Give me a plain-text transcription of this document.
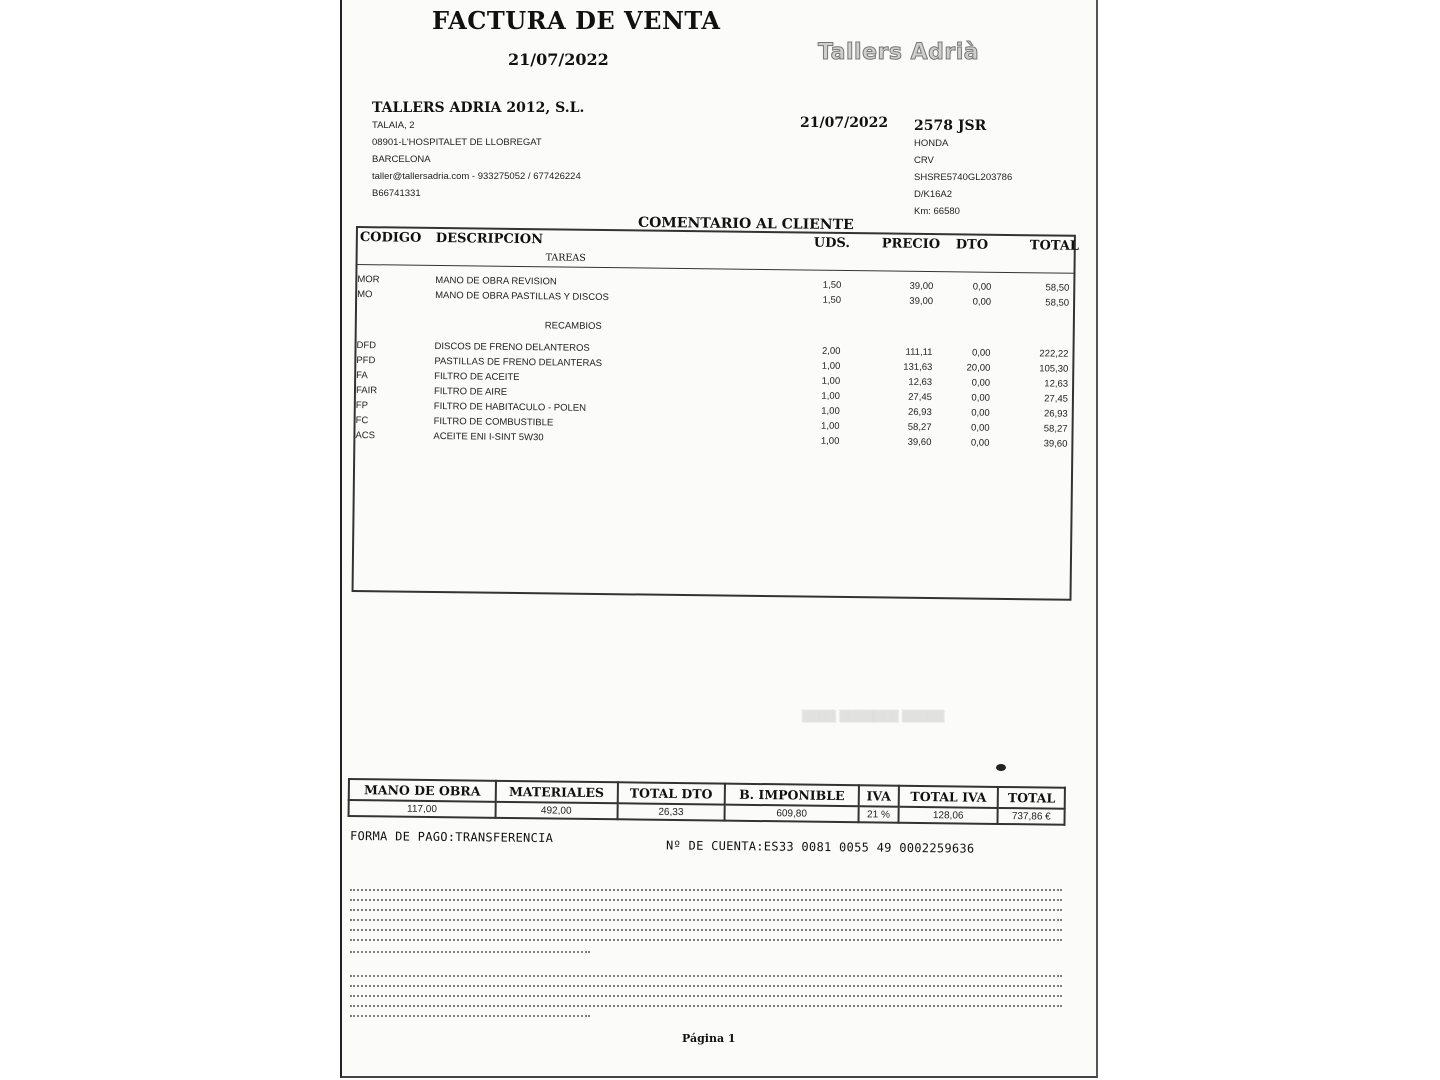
FACTURA DE VENTA
21/07/2022	Tallers Adrià
TALLERS ADRIA 2012, S.L.
TALAIA, 2
08901-L'HOSPITALET DE LLOBREGAT
BARCELONA
taller@tallersadria.com - 933275052 / 677426224
B66741331
21/07/2022 2578 JSR
HONDA
CRV
SHSRE5740GL203786
D/K16A2
Km: 66580
COMENTARIO AL CLIENTE
CODIGO DESCRIPCION	UDS. PRECIO DTO	TOTAL
TAREAS
MOR	MANO DE OBRA REVISION	1,50	39,00	0,00	58,50
MO	MANO DE OBRA PASTILLAS Y DISCOS	1,50	39,00	0,00	58,50
RECAMBIOS
DFD	DISCOS DE FRENO DELANTEROS	2,00	111,11	0,00	222,22
PFD	PASTILLAS DE FRENO DELANTERAS	1,00	131,63	20,00	105,30
FA	FILTRO DE ACEITE	1,00	12,63	0,00	12,63
FAIR	FILTRO DE AIRE	1,00	27,45	0,00	27,45
FP	FILTRO DE HABITACULO - POLEN	1,00	26,93	0,00	26,93
FC	FILTRO DE COMBUSTIBLE	1,00	58,27	0,00	58,27
ACS	ACEITE ENI I-SINT 5W30	1,00	39,60	0,00	39,60
▒▒▒▒ ▒▒▒▒▒▒▒ ▒▒▒▒▒
MANO DE OBRA	MATERIALES	TOTAL DTO	B. IMPONIBLE	IVA	TOTAL IVA	TOTAL
117,00	492,00	26,33	609,80	21 %	128,06	737,86 €
FORMA DE PAGO:TRANSFERENCIA
Nº DE CUENTA:ES33 0081 0055 49 0002259636
Página 1
